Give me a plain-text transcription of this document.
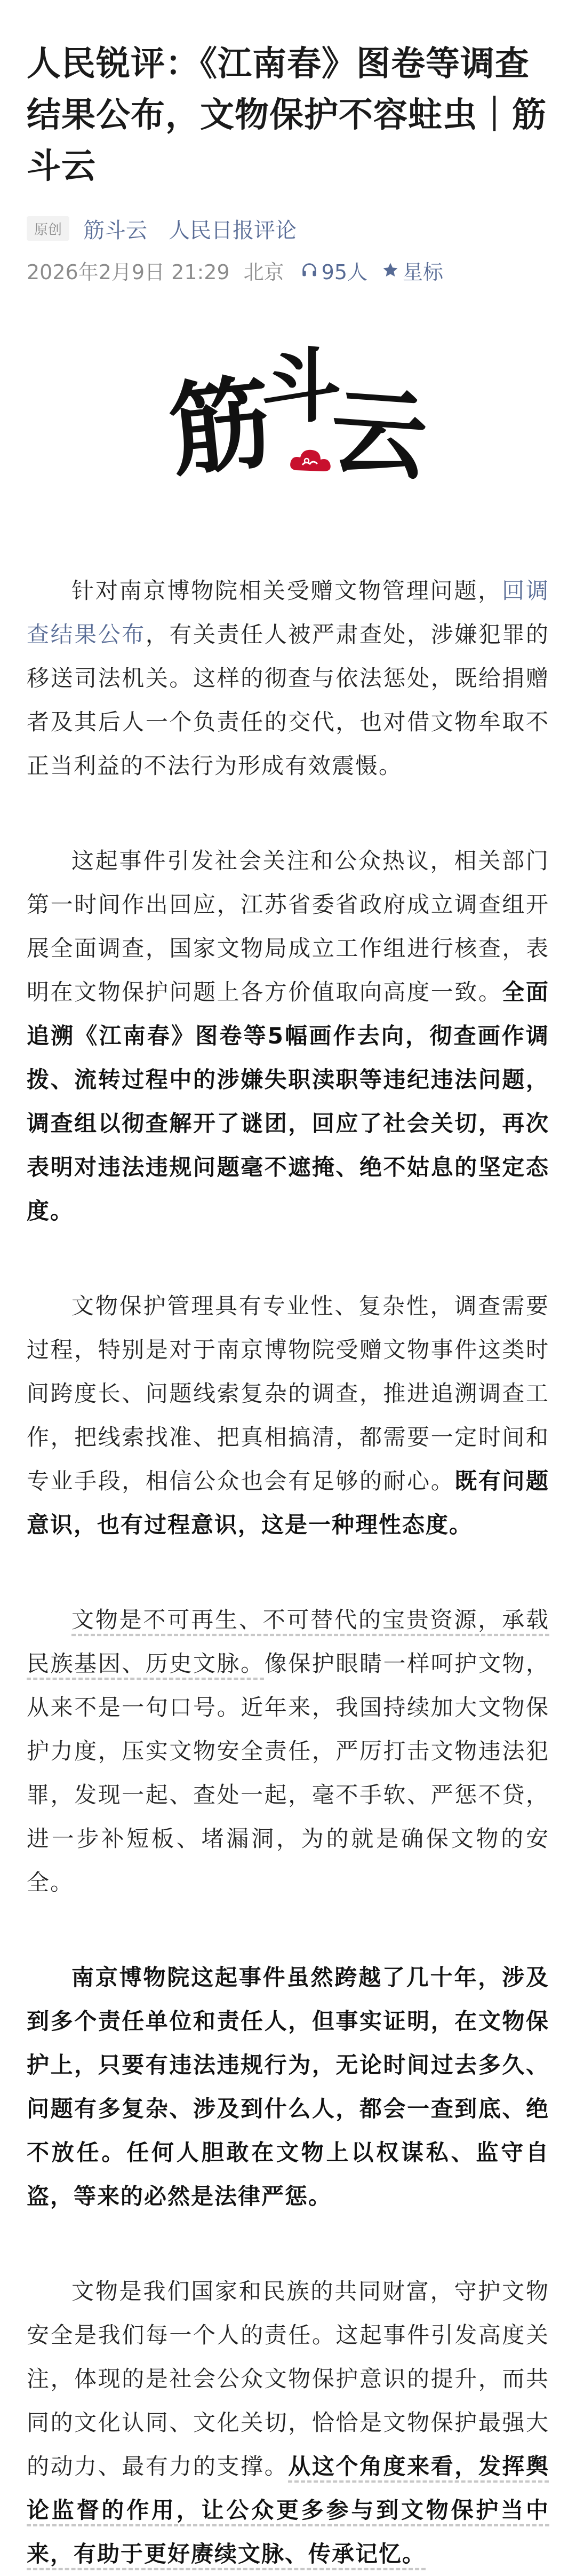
人民锐评：《江南春》图卷等调查结果公布，文物保护不容蛀虫｜筋斗云
原创	筋斗云 人民日报评论
2026年2月9日 21:29 北京 95人 星标
筋
斗
云

针对南京博物院相关受赠文物管理问题，回调查结果公布，有关责任人被严肃查处，涉嫌犯罪的移送司法机关。这样的彻查与依法惩处，既给捐赠者及其后人一个负责任的交代，也对借文物牟取不正当利益的不法行为形成有效震慑。

这起事件引发社会关注和公众热议，相关部门第一时间作出回应，江苏省委省政府成立调查组开展全面调查，国家文物局成立工作组进行核查，表明在文物保护问题上各方价值取向高度一致。全面追溯《江南春》图卷等5幅画作去向，彻查画作调拨、流转过程中的涉嫌失职渎职等违纪违法问题，调查组以彻查解开了谜团，回应了社会关切，再次表明对违法违规问题毫不遮掩、绝不姑息的坚定态度。

文物保护管理具有专业性、复杂性，调查需要过程，特别是对于南京博物院受赠文物事件这类时间跨度长、问题线索复杂的调查，推进追溯调查工作，把线索找准、把真相搞清，都需要一定时间和专业手段，相信公众也会有足够的耐心。既有问题意识，也有过程意识，这是一种理性态度。

文物是不可再生、不可替代的宝贵资源，承载民族基因、历史文脉。像保护眼睛一样呵护文物，从来不是一句口号。近年来，我国持续加大文物保护力度，压实文物安全责任，严厉打击文物违法犯罪，发现一起、查处一起，毫不手软、严惩不贷，进一步补短板、堵漏洞，为的就是确保文物的安全。

南京博物院这起事件虽然跨越了几十年，涉及到多个责任单位和责任人，但事实证明，在文物保护上，只要有违法违规行为，无论时间过去多久、问题有多复杂、涉及到什么人，都会一查到底、绝不放任。任何人胆敢在文物上以权谋私、监守自盗，等来的必然是法律严惩。

文物是我们国家和民族的共同财富，守护文物安全是我们每一个人的责任。这起事件引发高度关注，体现的是社会公众文物保护意识的提升，而共同的文化认同、文化关切，恰恰是文物保护最强大的动力、最有力的支撑。从这个角度来看，发挥舆论监督的作用，让公众更多参与到文物保护当中来，有助于更好赓续文脉、传承记忆。
